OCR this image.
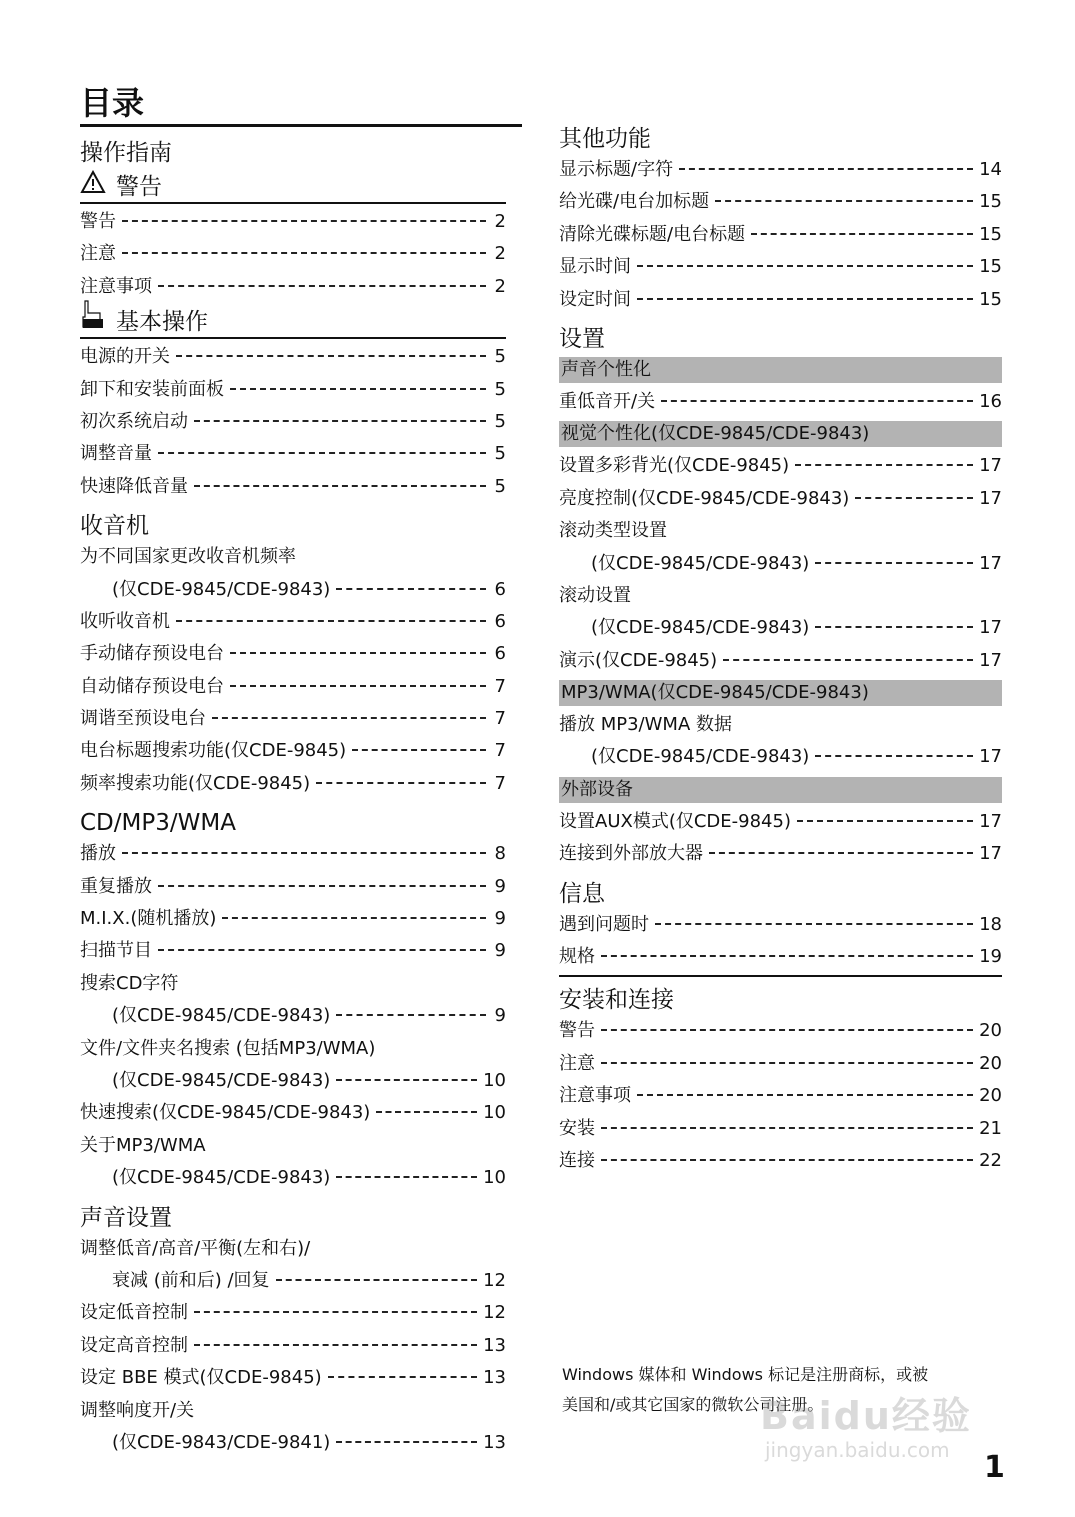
目录
操作指南
警告
警告	2
注意	2
注意事项	2
基本操作
电源的开关	5
卸下和安装前面板	5
初次系统启动	5
调整音量	5
快速降低音量	5
收音机
为不同国家更改收音机频率
(仅CDE-9845/CDE-9843)	6
收听收音机	6
手动储存预设电台	6
自动储存预设电台	7
调谐至预设电台	7
电台标题搜索功能(仅CDE-9845)	7
频率搜索功能(仅CDE-9845)	7
CD/MP3/WMA
播放	8
重复播放	9
M.I.X.(随机播放)	9
扫描节目	9
搜索CD字符
(仅CDE-9845/CDE-9843)	9
文件/文件夹名搜索 (包括MP3/WMA)
(仅CDE-9845/CDE-9843)	10
快速搜索(仅CDE-9845/CDE-9843)	10
关于MP3/WMA
(仅CDE-9845/CDE-9843)	10
声音设置
调整低音/高音/平衡(左和右)/
衰减 (前和后) /回复	12
设定低音控制	12
设定高音控制	13
设定 BBE 模式(仅CDE-9845)	13
调整响度开/关
(仅CDE-9843/CDE-9841)	13
其他功能
显示标题/字符	14
给光碟/电台加标题	15
清除光碟标题/电台标题	15
显示时间	15
设定时间	15
设置
声音个性化
重低音开/关	16
视觉个性化(仅CDE-9845/CDE-9843)
设置多彩背光(仅CDE-9845)	17
亮度控制(仅CDE-9845/CDE-9843)	17
滚动类型设置
(仅CDE-9845/CDE-9843)	17
滚动设置
(仅CDE-9845/CDE-9843)	17
演示(仅CDE-9845)	17
MP3/WMA(仅CDE-9845/CDE-9843)
播放 MP3/WMA 数据
(仅CDE-9845/CDE-9843)	17
外部设备
设置AUX模式(仅CDE-9845)	17
连接到外部放大器	17
信息
遇到问题时	18
规格	19
安装和连接
警告	20
注意	20
注意事项	20
安装	21
连接	22
Windows 媒体和 Windows 标记是注册商标，或被
美国和/或其它国家的微软公司注册。
Baidu经验
jingyan.baidu.com 1
